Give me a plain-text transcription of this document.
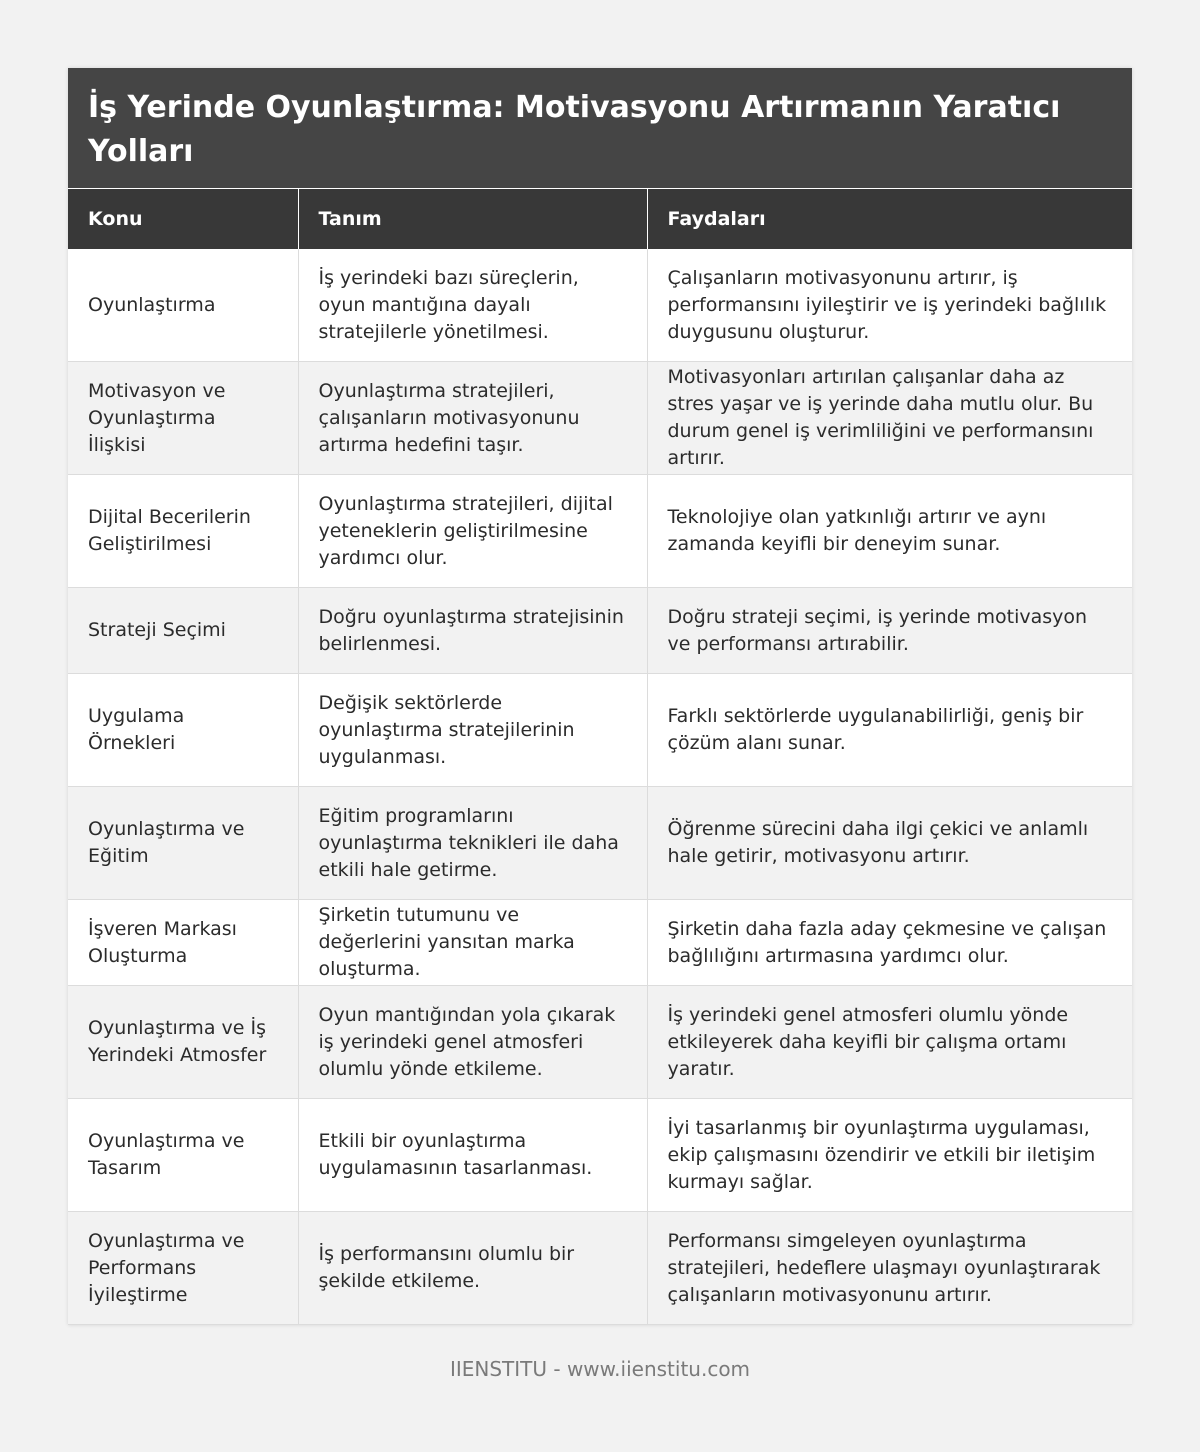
İş Yerinde Oyunlaştırma: Motivasyonu Artırmanın Yaratıcı Yolları
Konu	Tanım	Faydaları
Oyunlaştırma	İş yerindeki bazı süreçlerin, oyun mantığına dayalı stratejilerle yönetilmesi.	Çalışanların motivasyonunu artırır, iş performansını iyileştirir ve iş yerindeki bağlılık duygusunu oluşturur.
Motivasyon ve Oyunlaştırma İlişkisi	Oyunlaştırma stratejileri, çalışanların motivasyonunu artırma hedefini taşır.	Motivasyonları artırılan çalışanlar daha az stres yaşar ve iş yerinde daha mutlu olur. Bu durum genel iş verimliliğini ve performansını artırır.
Dijital Becerilerin Geliştirilmesi	Oyunlaştırma stratejileri, dijital yeteneklerin geliştirilmesine yardımcı olur.	Teknolojiye olan yatkınlığı artırır ve aynı zamanda keyifli bir deneyim sunar.
Strateji Seçimi	Doğru oyunlaştırma stratejisinin belirlenmesi.	Doğru strateji seçimi, iş yerinde motivasyon ve performansı artırabilir.
Uygulama Örnekleri	Değişik sektörlerde oyunlaştırma stratejilerinin uygulanması.	Farklı sektörlerde uygulanabilirliği, geniş bir çözüm alanı sunar.
Oyunlaştırma ve Eğitim	Eğitim programlarını oyunlaştırma teknikleri ile daha etkili hale getirme.	Öğrenme sürecini daha ilgi çekici ve anlamlı hale getirir, motivasyonu artırır.
İşveren Markası Oluşturma	Şirketin tutumunu ve değerlerini yansıtan marka oluşturma.	Şirketin daha fazla aday çekmesine ve çalışan bağlılığını artırmasına yardımcı olur.
Oyunlaştırma ve İş Yerindeki Atmosfer	Oyun mantığından yola çıkarak iş yerindeki genel atmosferi olumlu yönde etkileme.	İş yerindeki genel atmosferi olumlu yönde etkileyerek daha keyifli bir çalışma ortamı yaratır.
Oyunlaştırma ve Tasarım	Etkili bir oyunlaştırma uygulamasının tasarlanması.	İyi tasarlanmış bir oyunlaştırma uygulaması, ekip çalışmasını özendirir ve etkili bir iletişim kurmayı sağlar.
Oyunlaştırma ve Performans İyileştirme	İş performansını olumlu bir şekilde etkileme.	Performansı simgeleyen oyunlaştırma stratejileri, hedeflere ulaşmayı oyunlaştırarak çalışanların motivasyonunu artırır.
IIENSTITU - www.iienstitu.com
